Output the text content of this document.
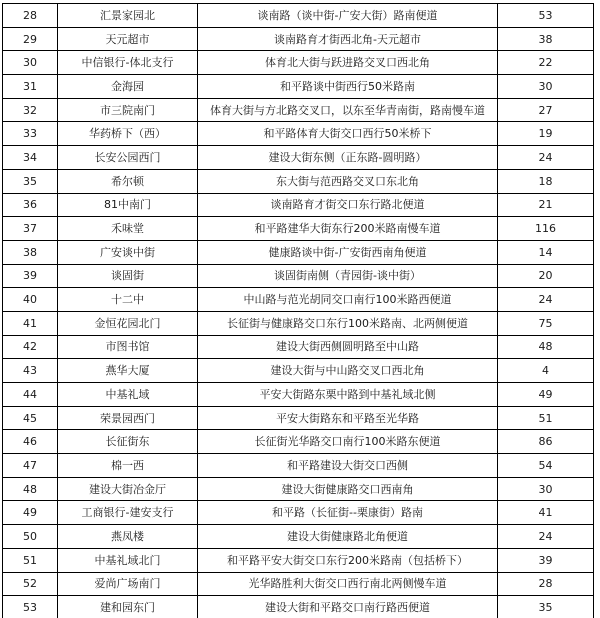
28	汇景家园北	谈南路（谈中街-广安大街）路南便道	53
29	天元超市	谈南路育才街西北角-天元超市	38
30	中信银行-体北支行	体育北大街与跃进路交叉口西北角	22
31	金海园	和平路谈中街西行50米路南	30
32	市三院南门	体育大街与方北路交叉口，以东至华青南街，路南慢车道	27
33	华药桥下（西）	和平路体育大街交口西行50米桥下	19
34	长安公园西门	建设大街东侧（正东路-圆明路）	24
35	希尔顿	东大街与范西路交叉口东北角	18
36	81中南门	谈南路育才街交口东行路北便道	21
37	禾味堂	和平路建华大街东行200米路南慢车道	116
38	广安谈中街	健康路谈中街-广安街西南角便道	14
39	谈固街	谈固街南侧（青园街-谈中街）	20
40	十二中	中山路与范光胡同交口南行100米路西便道	24
41	金恒花园北门	长征街与健康路交口东行100米路南、北两侧便道	75
42	市图书馆	建设大街西侧圆明路至中山路	48
43	燕华大厦	建设大街与中山路交叉口西北角	4
44	中基礼域	平安大街路东栗中路到中基礼域北侧	49
45	荣景园西门	平安大街路东和平路至光华路	51
46	长征街东	长征街光华路交口南行100米路东便道	86
47	棉一西	和平路建设大街交口西侧	54
48	建设大街冶金厅	建设大街健康路交口西南角	30
49	工商银行-建安支行	和平路（长征街--栗康街）路南	41
50	燕凤楼	建设大街健康路北角便道	24
51	中基礼域北门	和平路平安大街交口东行200米路南（包括桥下）	39
52	爱尚广场南门	光华路胜利大街交口西行南北两侧慢车道	28
53	建和园东门	建设大街和平路交口南行路西便道	35
